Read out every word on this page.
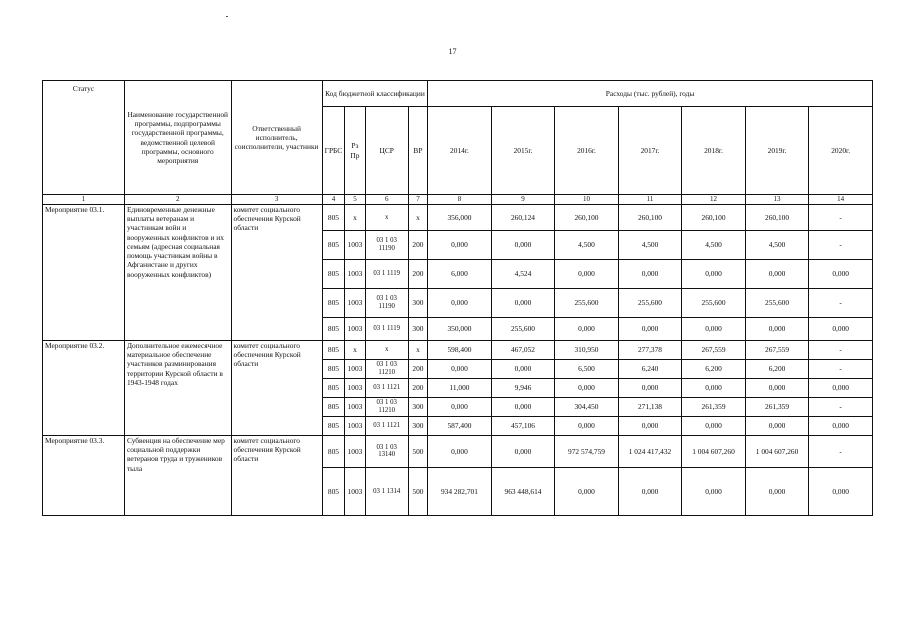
17
Статус	Наименование государственной программы, подпрограммы государственной программы, ведомственной целевой программы, основного мероприятия	Ответственный исполнитель, соисполнители, участники	Код бюджетной классификации				Расходы (тыс. рублей), годы						
			ГРБС	Рз Пр	ЦСР	ВР	2014г.	2015г.	2016г.	2017г.	2018г.	2019г.	2020г.
1	2	3	4	5	6	7	8	9	10	11	12	13	14
Мероприятие 03.1.	Единовременные денежные выплаты ветеранам и участникам войн и вооруженных конфликтов и их семьям (адресная социальная помощь участникам войны в Афганистане и других вооруженных конфликтов)	комитет социального обеспечения Курской области	805	x	x	x	356,000	260,124	260,100	260,100	260,100	260,100	-
			805	1003	03 1 03 11190	200	0,000	0,000	4,500	4,500	4,500	4,500	-
			805	1003	03 1 1119	200	6,000	4,524	0,000	0,000	0,000	0,000	0,000
			805	1003	03 1 03 11190	300	0,000	0,000	255,600	255,600	255,600	255,600	-
			805	1003	03 1 1119	300	350,000	255,600	0,000	0,000	0,000	0,000	0,000
Мероприятие 03.2.	Дополнительное ежемесячное материальное обеспечение участников разминирования территории Курской области в 1943-1948 годах	комитет социального обеспечения Курской области	805	x	x	x	598,400	467,052	310,950	277,378	267,559	267,559	-
			805	1003	03 1 03 11210	200	0,000	0,000	6,500	6,240	6,200	6,200	-
			805	1003	03 1 1121	200	11,000	9,946	0,000	0,000	0,000	0,000	0,000
			805	1003	03 1 03 11210	300	0,000	0,000	304,450	271,138	261,359	261,359	-
			805	1003	03 1 1121	300	587,400	457,106	0,000	0,000	0,000	0,000	0,000
Мероприятие 03.3.	Субвенция на обеспечение мер социальной поддержки ветеранов труда и тружеников тыла	комитет социального обеспечения Курской области	805	1003	03 1 03 13140	500	0,000	0,000	972 574,759	1 024 417,432	1 004 607,260	1 004 607,260	-
			805	1003	03 1 1314	500	934 282,701	963 448,614	0,000	0,000	0,000	0,000	0,000
